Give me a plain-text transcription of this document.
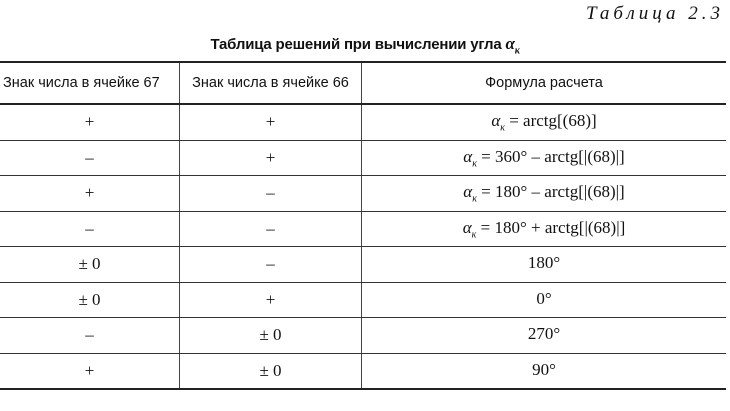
Таблица 2.3
Таблица решений при вычислении угла $\alpha_к$
Знак числа в ячейке 67	Знак числа в ячейке 66	Формула расчета
+	+	$\alpha_к$ = arctg[(68)]
–	+	$\alpha_к = 360^\circ$ – arctg[|(68)|]
+	–	$\alpha_к = 180^\circ$ – arctg[|(68)|]
–	–	$\alpha_к = 180^\circ$ + arctg[|(68)|]
± 0	–	180°
± 0	+	0°
–	± 0	270°
+	± 0	90°
